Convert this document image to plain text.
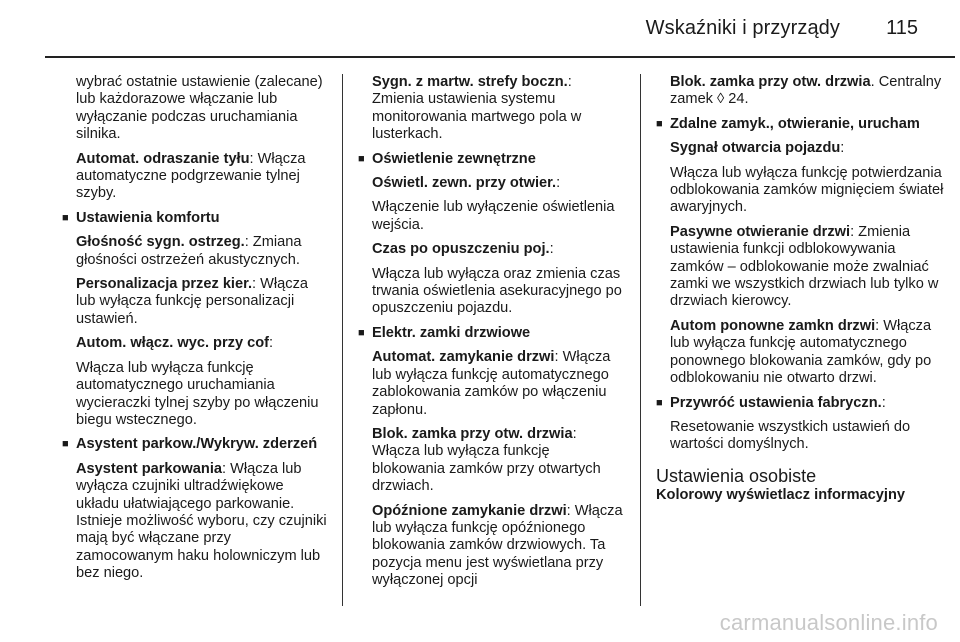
Wskaźniki i przyrządy 115

wybrać ostatnie ustawienie (zalecane) lub każdorazowe włączanie lub wyłączanie podczas uruchamiania silnika.

Automat. odraszanie tyłu: Włącza automatyczne podgrzewanie tylnej szyby.

■ Ustawienia komfortu

Głośność sygn. ostrzeg.: Zmiana głośności ostrzeżeń akustycznych.

Personalizacja przez kier.: Włącza lub wyłącza funkcję personalizacji ustawień.

Autom. włącz. wyc. przy cof:

Włącza lub wyłącza funkcję automatycznego uruchamiania wycieraczki tylnej szyby po włączeniu biegu wstecznego.

■ Asystent parkow./Wykryw. zderzeń

Asystent parkowania: Włącza lub wyłącza czujniki ultradźwiękowe układu ułatwiającego parkowanie. Istnieje możliwość wyboru, czy czujniki mają być włączane przy zamocowanym haku holowniczym lub bez niego.

Sygn. z martw. strefy boczn.: Zmienia ustawienia systemu monitorowania martwego pola w lusterkach.

■ Oświetlenie zewnętrzne

Oświetl. zewn. przy otwier.:

Włączenie lub wyłączenie oświetlenia wejścia.

Czas po opuszczeniu poj.:

Włącza lub wyłącza oraz zmienia czas trwania oświetlenia asekuracyjnego po opuszczeniu pojazdu.

■ Elektr. zamki drzwiowe

Automat. zamykanie drzwi: Włącza lub wyłącza funkcję automatycznego zablokowania zamków po włączeniu zapłonu.

Blok. zamka przy otw. drzwia: Włącza lub wyłącza funkcję blokowania zamków przy otwartych drzwiach.

Opóźnione zamykanie drzwi: Włącza lub wyłącza funkcję opóźnionego blokowania zamków drzwiowych. Ta pozycja menu jest wyświetlana przy wyłączonej opcji

Blok. zamka przy otw. drzwia. Centralny zamek ◊ 24.

■ Zdalne zamyk., otwieranie, urucham

Sygnał otwarcia pojazdu:

Włącza lub wyłącza funkcję potwierdzania odblokowania zamków mignięciem świateł awaryjnych.

Pasywne otwieranie drzwi: Zmienia ustawienia funkcji odblokowywania zamków – odblokowanie może zwalniać zamki we wszystkich drzwiach lub tylko w drzwiach kierowcy.

Autom ponowne zamkn drzwi: Włącza lub wyłącza funkcję automatycznego ponownego blokowania zamków, gdy po odblokowaniu nie otwarto drzwi.

■ Przywróć ustawienia fabryczn.:

Resetowanie wszystkich ustawień do wartości domyślnych.

Ustawienia osobiste
Kolorowy wyświetlacz informacyjny
carmanualsonline.info
